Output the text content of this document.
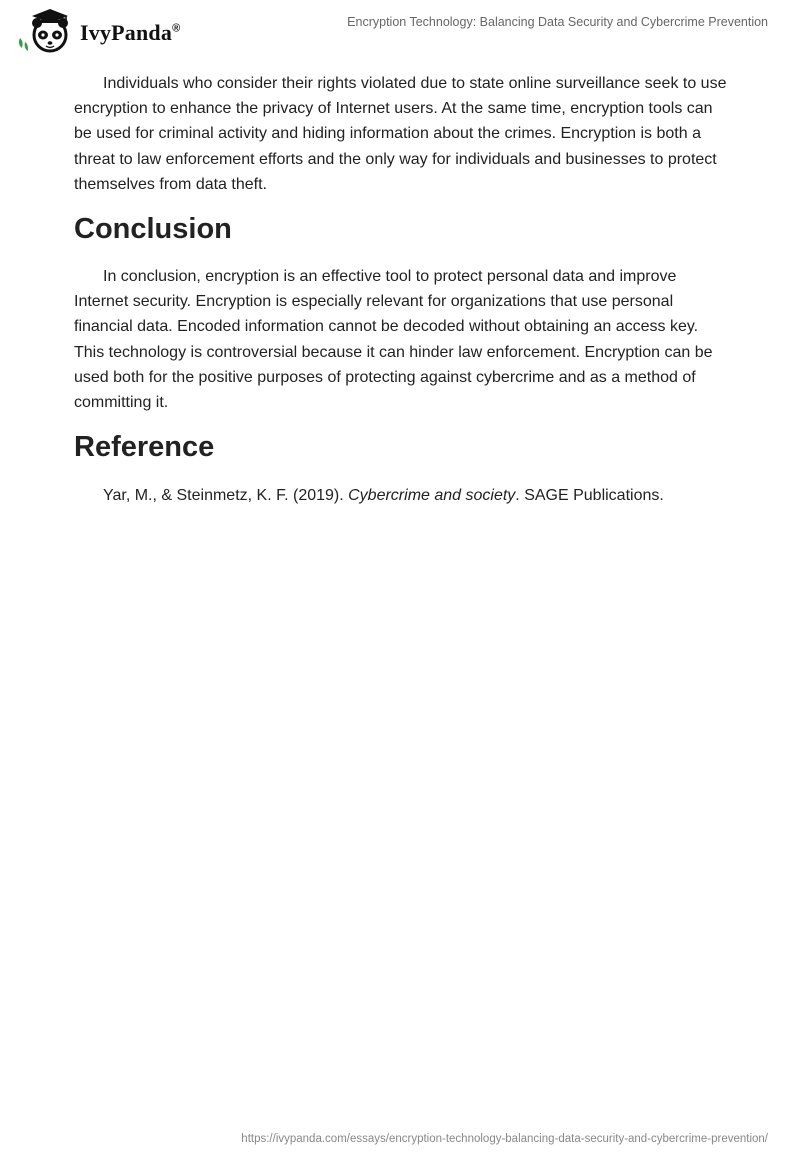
IvyPanda®	Encryption Technology: Balancing Data Security and Cybercrime Prevention

Individuals who consider their rights violated due to state online surveillance seek to use encryption to enhance the privacy of Internet users. At the same time, encryption tools can be used for criminal activity and hiding information about the crimes. Encryption is both a threat to law enforcement efforts and the only way for individuals and businesses to protect themselves from data theft.

Conclusion

In conclusion, encryption is an effective tool to protect personal data and improve Internet security. Encryption is especially relevant for organizations that use personal financial data. Encoded information cannot be decoded without obtaining an access key. This technology is controversial because it can hinder law enforcement. Encryption can be used both for the positive purposes of protecting against cybercrime and as a method of committing it.

Reference

Yar, M., & Steinmetz, K. F. (2019). Cybercrime and society. SAGE Publications.

https://ivypanda.com/essays/encryption-technology-balancing-data-security-and-cybercrime-prevention/
